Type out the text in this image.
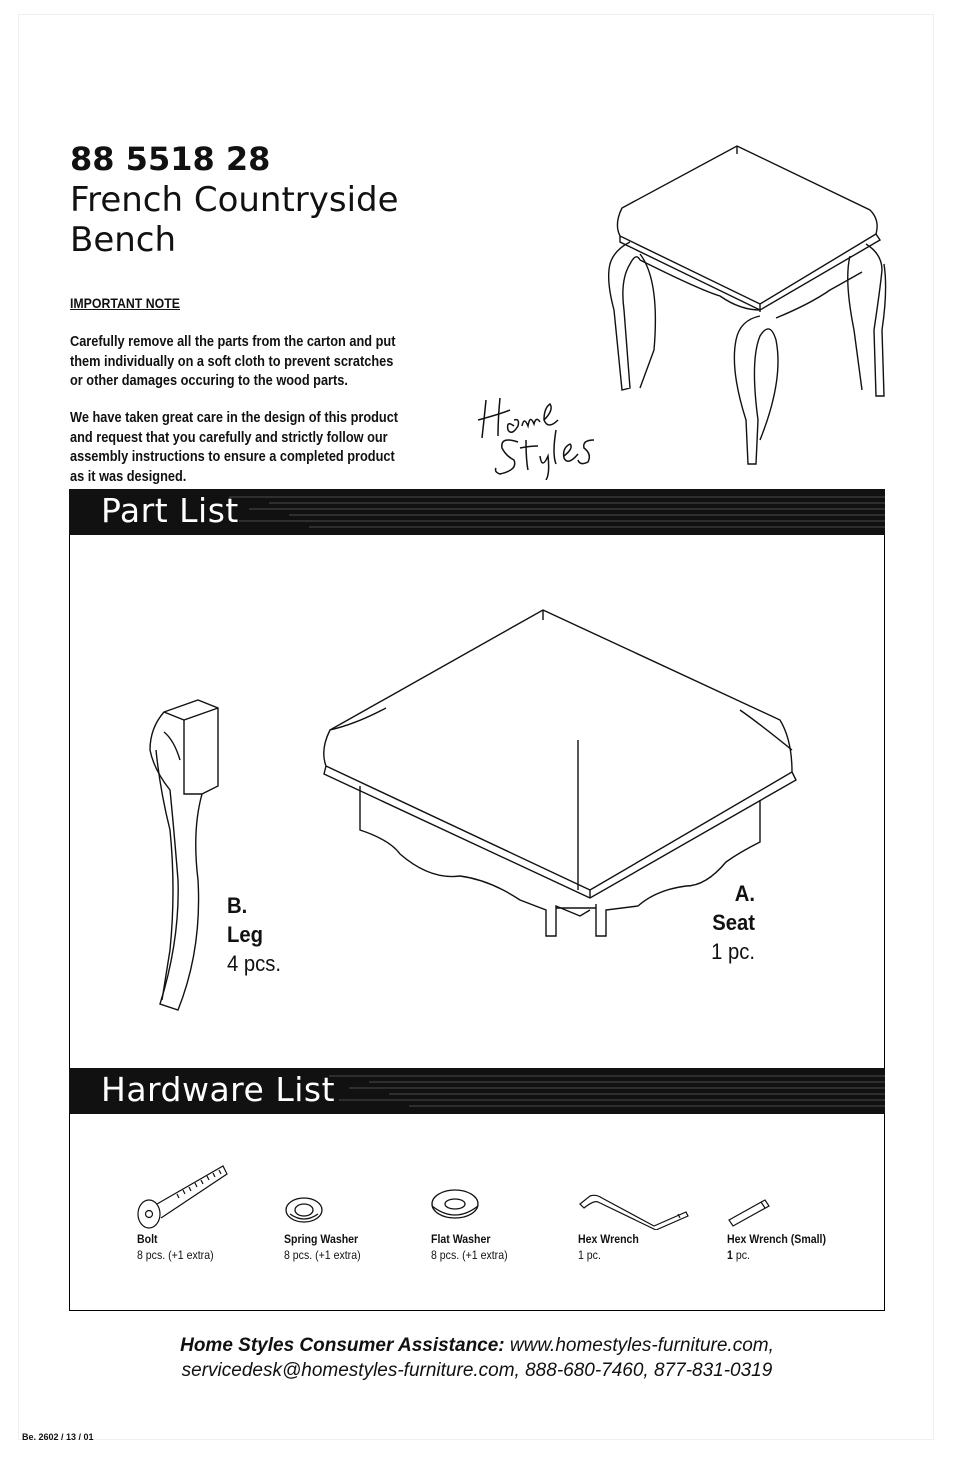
88 5518 28
French Countryside Bench
IMPORTANT NOTE
Carefully remove all the parts from the carton and put them individually on a soft cloth to prevent scratches or other damages occuring to the wood parts.
We have taken great care in the design of this product and request that you carefully and strictly follow our assembly instructions to ensure a completed product as it was designed.
Part List
B.
Leg
4 pcs.
A.
Seat
1 pc.
Hardware List
Bolt
8 pcs. (+1 extra)
Spring Washer
8 pcs. (+1 extra)
Flat Washer
8 pcs. (+1 extra)
Hex Wrench
1 pc.
Hex Wrench (Small)
1 pc.
Home Styles Consumer Assistance: www.homestyles-furniture.com,
servicedesk@homestyles-furniture.com, 888-680-7460, 877-831-0319
Be. 2602 / 13 / 01
